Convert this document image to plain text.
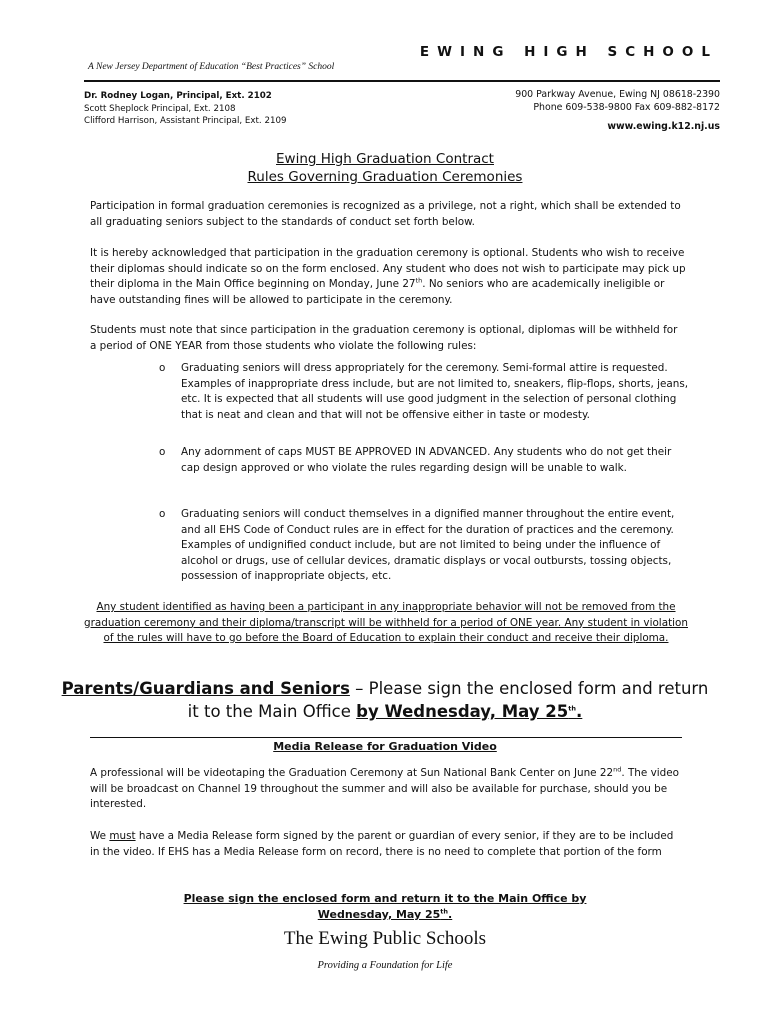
EWING HIGH SCHOOL
A New Jersey Department of Education “Best Practices” School
Dr. Rodney Logan, Principal, Ext. 2102
Scott Sheplock Principal, Ext. 2108
Clifford Harrison, Assistant Principal, Ext. 2109
900 Parkway Avenue, Ewing NJ 08618-2390
Phone 609-538-9800 Fax 609-882-8172
www.ewing.k12.nj.us
Ewing High Graduation Contract
Rules Governing Graduation Ceremonies
Participation in formal graduation ceremonies is recognized as a privilege, not a right, which shall be extended to all graduating seniors subject to the standards of conduct set forth below.
It is hereby acknowledged that participation in the graduation ceremony is optional. Students who wish to receive their diplomas should indicate so on the form enclosed. Any student who does not wish to participate may pick up their diploma in the Main Office beginning on Monday, June 27th. No seniors who are academically ineligible or have outstanding fines will be allowed to participate in the ceremony.
Students must note that since participation in the graduation ceremony is optional, diplomas will be withheld for a period of ONE YEAR from those students who violate the following rules:
o Graduating seniors will dress appropriately for the ceremony. Semi-formal attire is requested. Examples of inappropriate dress include, but are not limited to, sneakers, flip-flops, shorts, jeans, etc. It is expected that all students will use good judgment in the selection of personal clothing that is neat and clean and that will not be offensive either in taste or modesty.
o Any adornment of caps MUST BE APPROVED IN ADVANCED. Any students who do not get their cap design approved or who violate the rules regarding design will be unable to walk.
o Graduating seniors will conduct themselves in a dignified manner throughout the entire event, and all EHS Code of Conduct rules are in effect for the duration of practices and the ceremony. Examples of undignified conduct include, but are not limited to being under the influence of alcohol or drugs, use of cellular devices, dramatic displays or vocal outbursts, tossing objects, possession of inappropriate objects, etc.
Any student identified as having been a participant in any inappropriate behavior will not be removed from the graduation ceremony and their diploma/transcript will be withheld for a period of ONE year. Any student in violation of the rules will have to go before the Board of Education to explain their conduct and receive their diploma.
Parents/Guardians and Seniors – Please sign the enclosed form and return it to the Main Office by Wednesday, May 25th.
Media Release for Graduation Video
A professional will be videotaping the Graduation Ceremony at Sun National Bank Center on June 22nd. The video will be broadcast on Channel 19 throughout the summer and will also be available for purchase, should you be interested.
We must have a Media Release form signed by the parent or guardian of every senior, if they are to be included in the video. If EHS has a Media Release form on record, there is no need to complete that portion of the form
Please sign the enclosed form and return it to the Main Office by
Wednesday, May 25th.
The Ewing Public Schools
Providing a Foundation for Life
